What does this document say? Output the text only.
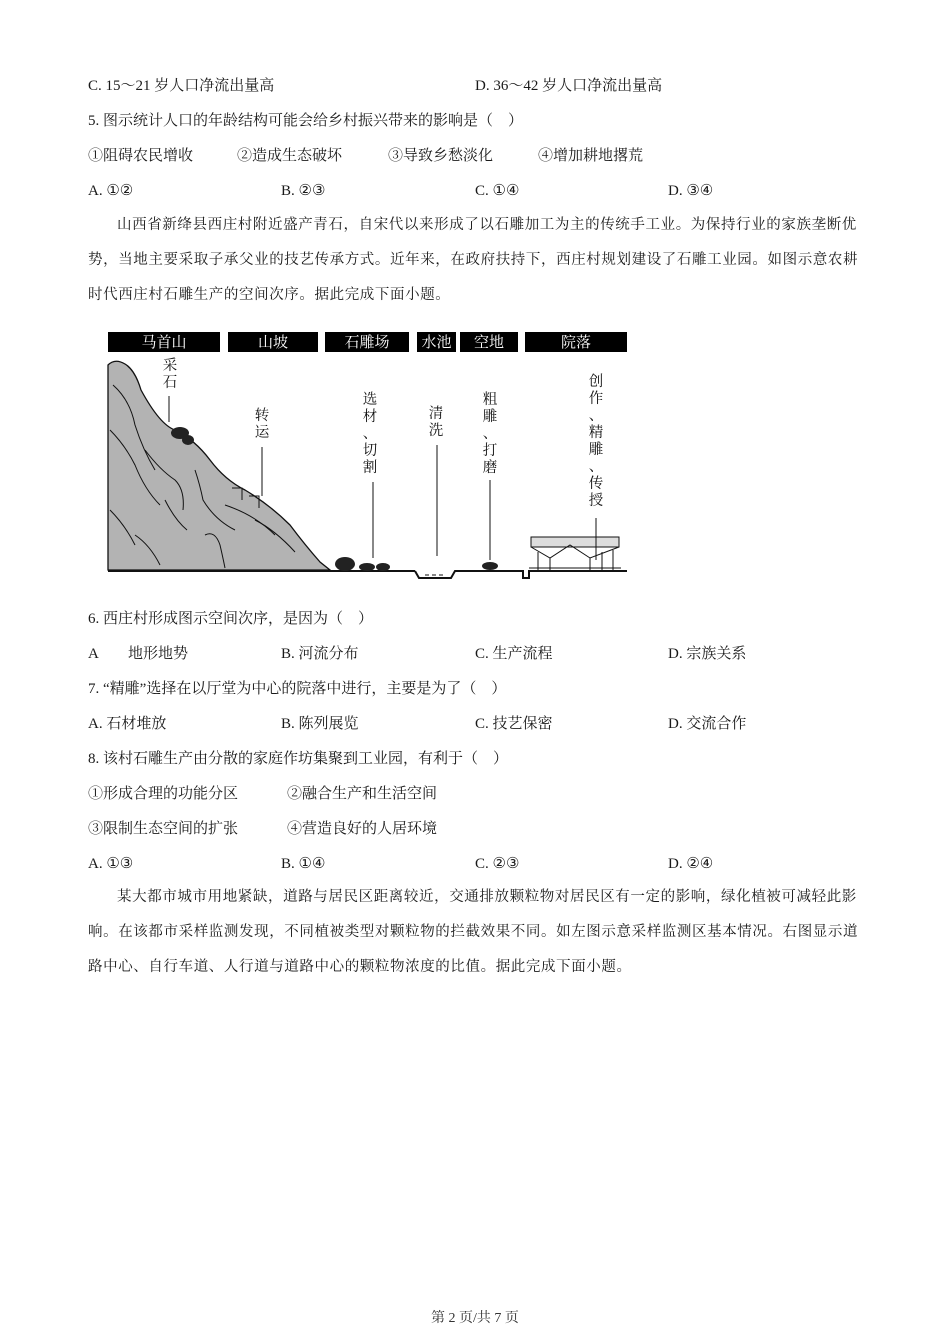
C. 15～21 岁人口净流出量高	D. 36～42 岁人口净流出量高
5. 图示统计人口的年龄结构可能会给乡村振兴带来的影响是（　）
①阻碍农民增收	②造成生态破坏	③导致乡愁淡化	④增加耕地撂荒
A. ①②	B. ②③	C. ①④	D. ③④
山西省新绛县西庄村附近盛产青石，自宋代以来形成了以石雕加工为主的传统手工业。为保持行业的家族垄断优势，当地主要采取子承父业的技艺传承方式。近年来，在政府扶持下，西庄村规划建设了石雕工业园。如图示意农耕时代西庄村石雕生产的空间次序。据此完成下面小题。
马首山	山坡	石雕场	水池	空地	院落
采
石
转
运
选
材
、
切
割
清
洗
粗
雕
、
打
磨
创
作
、
精
雕
、
传
授
6. 西庄村形成图示空间次序，是因为（　）
A　　地形地势	B. 河流分布	C. 生产流程	D. 宗族关系
7. “精雕”选择在以厅堂为中心的院落中进行，主要是为了（　）
A. 石材堆放	B. 陈列展览	C. 技艺保密	D. 交流合作
8. 该村石雕生产由分散的家庭作坊集聚到工业园，有利于（　）
①形成合理的功能分区	②融合生产和生活空间
③限制生态空间的扩张	④营造良好的人居环境
A. ①③	B. ①④	C. ②③	D. ②④
某大都市城市用地紧缺，道路与居民区距离较近，交通排放颗粒物对居民区有一定的影响，绿化植被可减轻此影响。在该都市采样监测发现，不同植被类型对颗粒物的拦截效果不同。如左图示意采样监测区基本情况。右图显示道路中心、自行车道、人行道与道路中心的颗粒物浓度的比值。据此完成下面小题。
第 2 页/共 7 页
